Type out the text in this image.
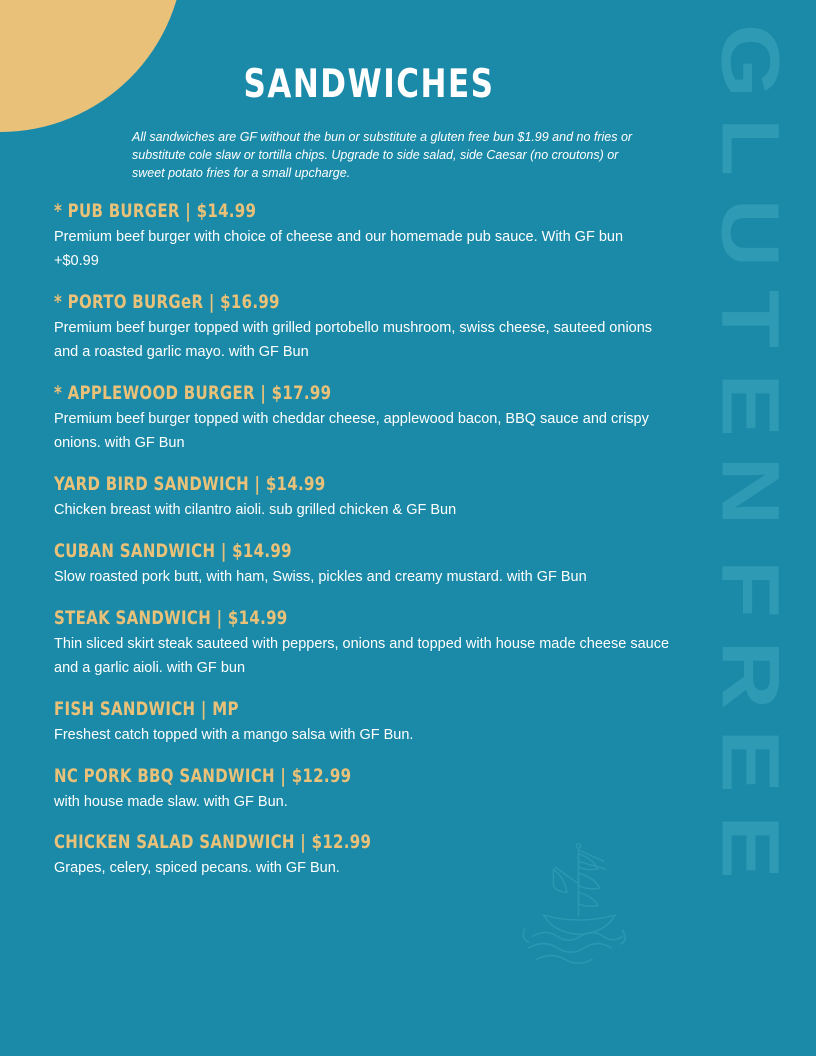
G
L
U
T
E
N
F
R
E
E
SANDWICHES
All sandwiches are GF without the bun or substitute a gluten free bun $1.99 and no fries or substitute cole slaw or tortilla chips. Upgrade to side salad, side Caesar (no croutons) or sweet potato fries for a small upcharge.
* PUB BURGER | $14.99
Premium beef burger with choice of cheese and our homemade pub sauce. With GF bun +$0.99
* PORTO BURGeR | $16.99
Premium beef burger topped with grilled portobello mushroom, swiss cheese, sauteed onions and a roasted garlic mayo. with GF Bun
* APPLEWOOD BURGER | $17.99
Premium beef burger topped with cheddar cheese, applewood bacon, BBQ sauce and crispy onions. with GF Bun
YARD BIRD SANDWICH | $14.99
Chicken breast with cilantro aioli. sub grilled chicken & GF Bun
CUBAN SANDWICH | $14.99
Slow roasted pork butt, with ham, Swiss, pickles and creamy mustard. with GF Bun
STEAK SANDWICH | $14.99
Thin sliced skirt steak sauteed with peppers, onions and topped with house made cheese sauce and a garlic aioli. with GF bun
FISH SANDWICH | MP
Freshest catch topped with a mango salsa with GF Bun.
NC PORK BBQ SANDWICH | $12.99
with house made slaw. with GF Bun.
CHICKEN SALAD SANDWICH | $12.99
Grapes, celery, spiced pecans. with GF Bun.
